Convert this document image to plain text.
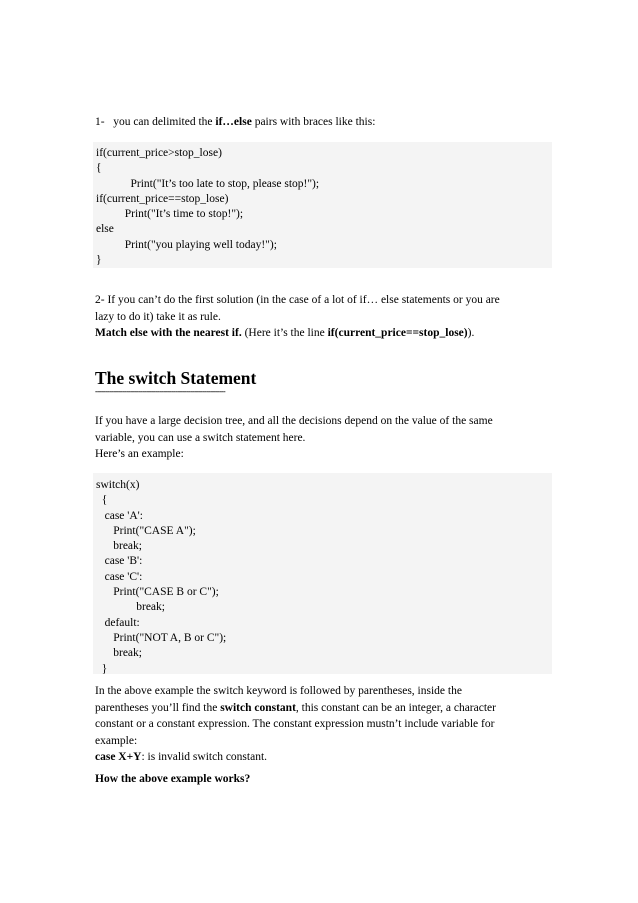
1-   you can delimited the if…else pairs with braces like this:
if(current_price>stop_lose)
{
Print("It’s too late to stop, please stop!");
if(current_price==stop_lose)
Print("It’s time to stop!");
else
Print("you playing well today!");
}
2- If you can’t do the first solution (in the case of a lot of if… else statements or you are
lazy to do it) take it as rule.
Match else with the nearest if. (Here it’s the line if(current_price==stop_lose)).
The switch Statement
---------------------------------------------------------------
If you have a large decision tree, and all the decisions depend on the value of the same
variable, you can use a switch statement here.
Here’s an example:
switch(x)
{
case 'A':
Print("CASE A");
break;
case 'B':
case 'C':
Print("CASE B or C");
break;
default:
Print("NOT A, B or C");
break;
}
In the above example the switch keyword is followed by parentheses, inside the
parentheses you’ll find the switch constant, this constant can be an integer, a character
constant or a constant expression. The constant expression mustn’t include variable for
example:
case X+Y: is invalid switch constant.
How the above example works?
